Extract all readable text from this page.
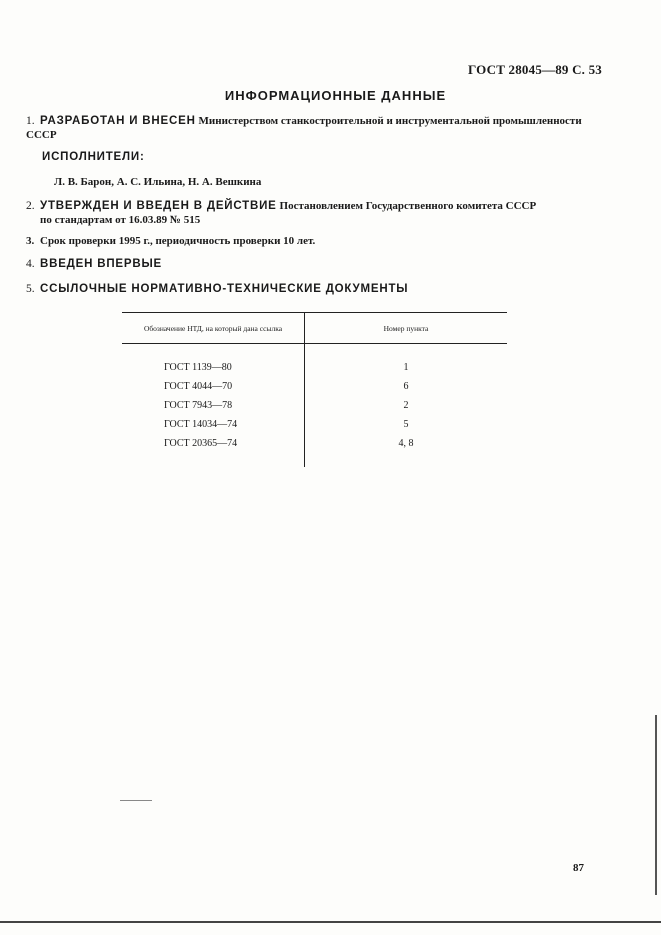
ГОСТ 28045—89 С. 53
ИНФОРМАЦИОННЫЕ ДАННЫЕ
1. РАЗРАБОТАН И ВНЕСЕН Министерством станкостроительной и инструментальной промышленности СССР
ИСПОЛНИТЕЛИ:
Л. В. Барон, А. С. Ильина, Н. А. Вешкина
2. УТВЕРЖДЕН И ВВЕДЕН В ДЕЙСТВИЕ Постановлением Государственного комитета СССР
по стандартам от 16.03.89 № 515
3. Срок проверки 1995 г., периодичность проверки 10 лет.
4. ВВЕДЕН ВПЕРВЫЕ
5. ССЫЛОЧНЫЕ НОРМАТИВНО-ТЕХНИЧЕСКИЕ ДОКУМЕНТЫ
Обозначение НТД, на который дана ссылка	Номер пункта

ГОСТ 1139—80	1
ГОСТ 4044—70	6
ГОСТ 7943—78	2
ГОСТ 14034—74	5
ГОСТ 20365—74	4, 8

87
